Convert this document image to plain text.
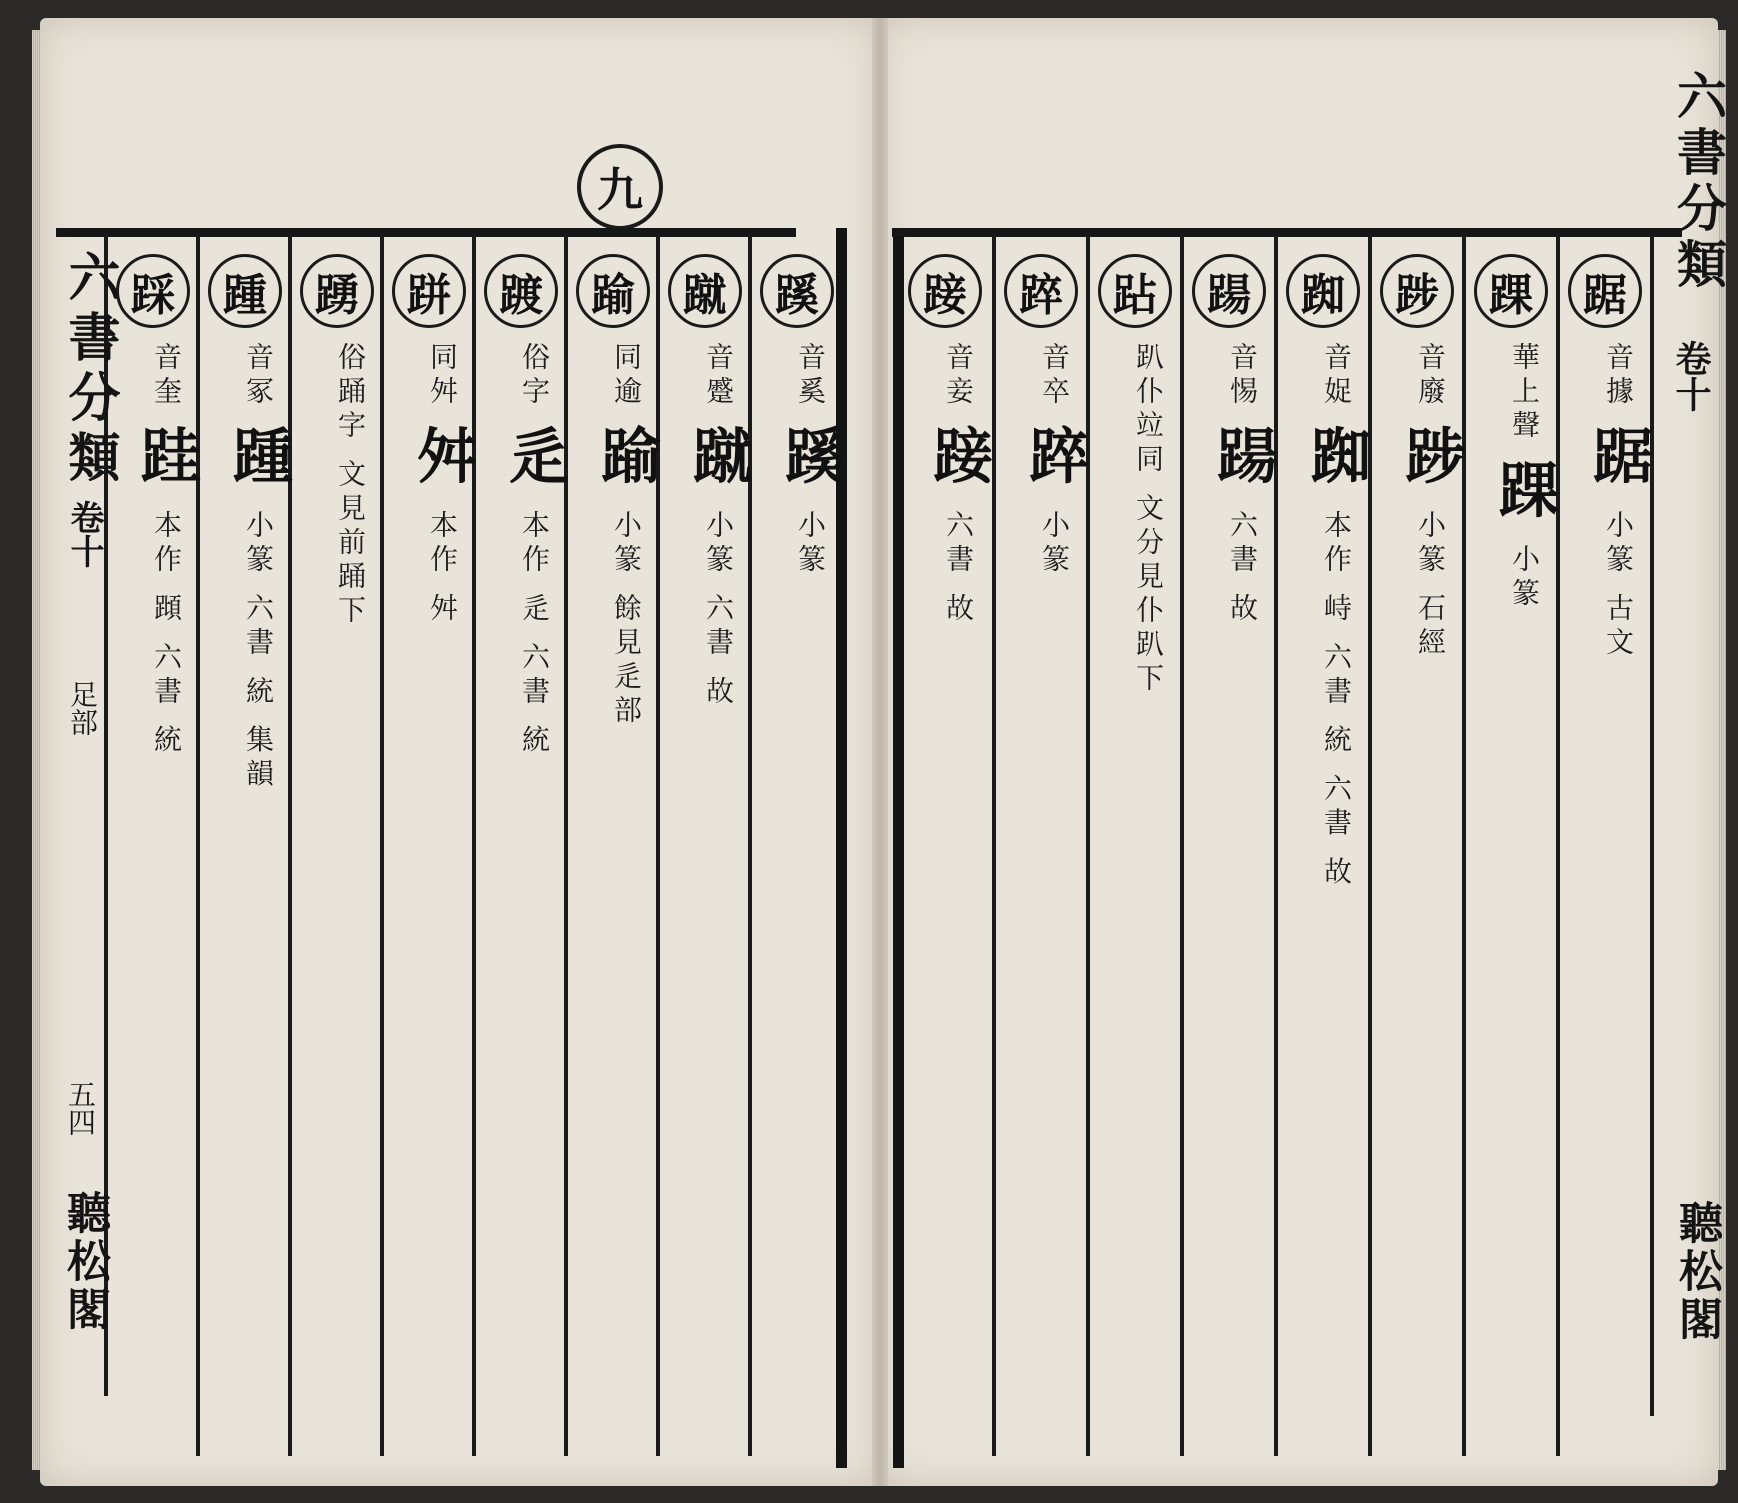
九
蹊
音奚 蹊 小篆
蹴
音蹙 蹴 小篆 六書 故
踰
同逾 踰 小篆 餘見辵部
踱
俗字 辵 本作 辵 六書 統
跰
同舛 舛 本作 舛
踴
俗踊字 文見前踊下
踵
音冢 踵 小篆 六書 統 集韻
踩
音奎 跬 本作 蹞 六書 統
六書分類
卷十
足部
五四
聽松閣
踞
音據 踞 小篆 古文
踝
華上聲 踝 小篆
踄
音廢 踄 小篆 石經
踟
音娖 踟 本作 峙 六書 統 六書 故
踼
音惕 踼 六書 故
跕
趴仆竝同 文分見仆趴下
踤
音卒 踤 小篆
踥
音妾 踥 六書 故
六書分類
卷十
聽松閣
